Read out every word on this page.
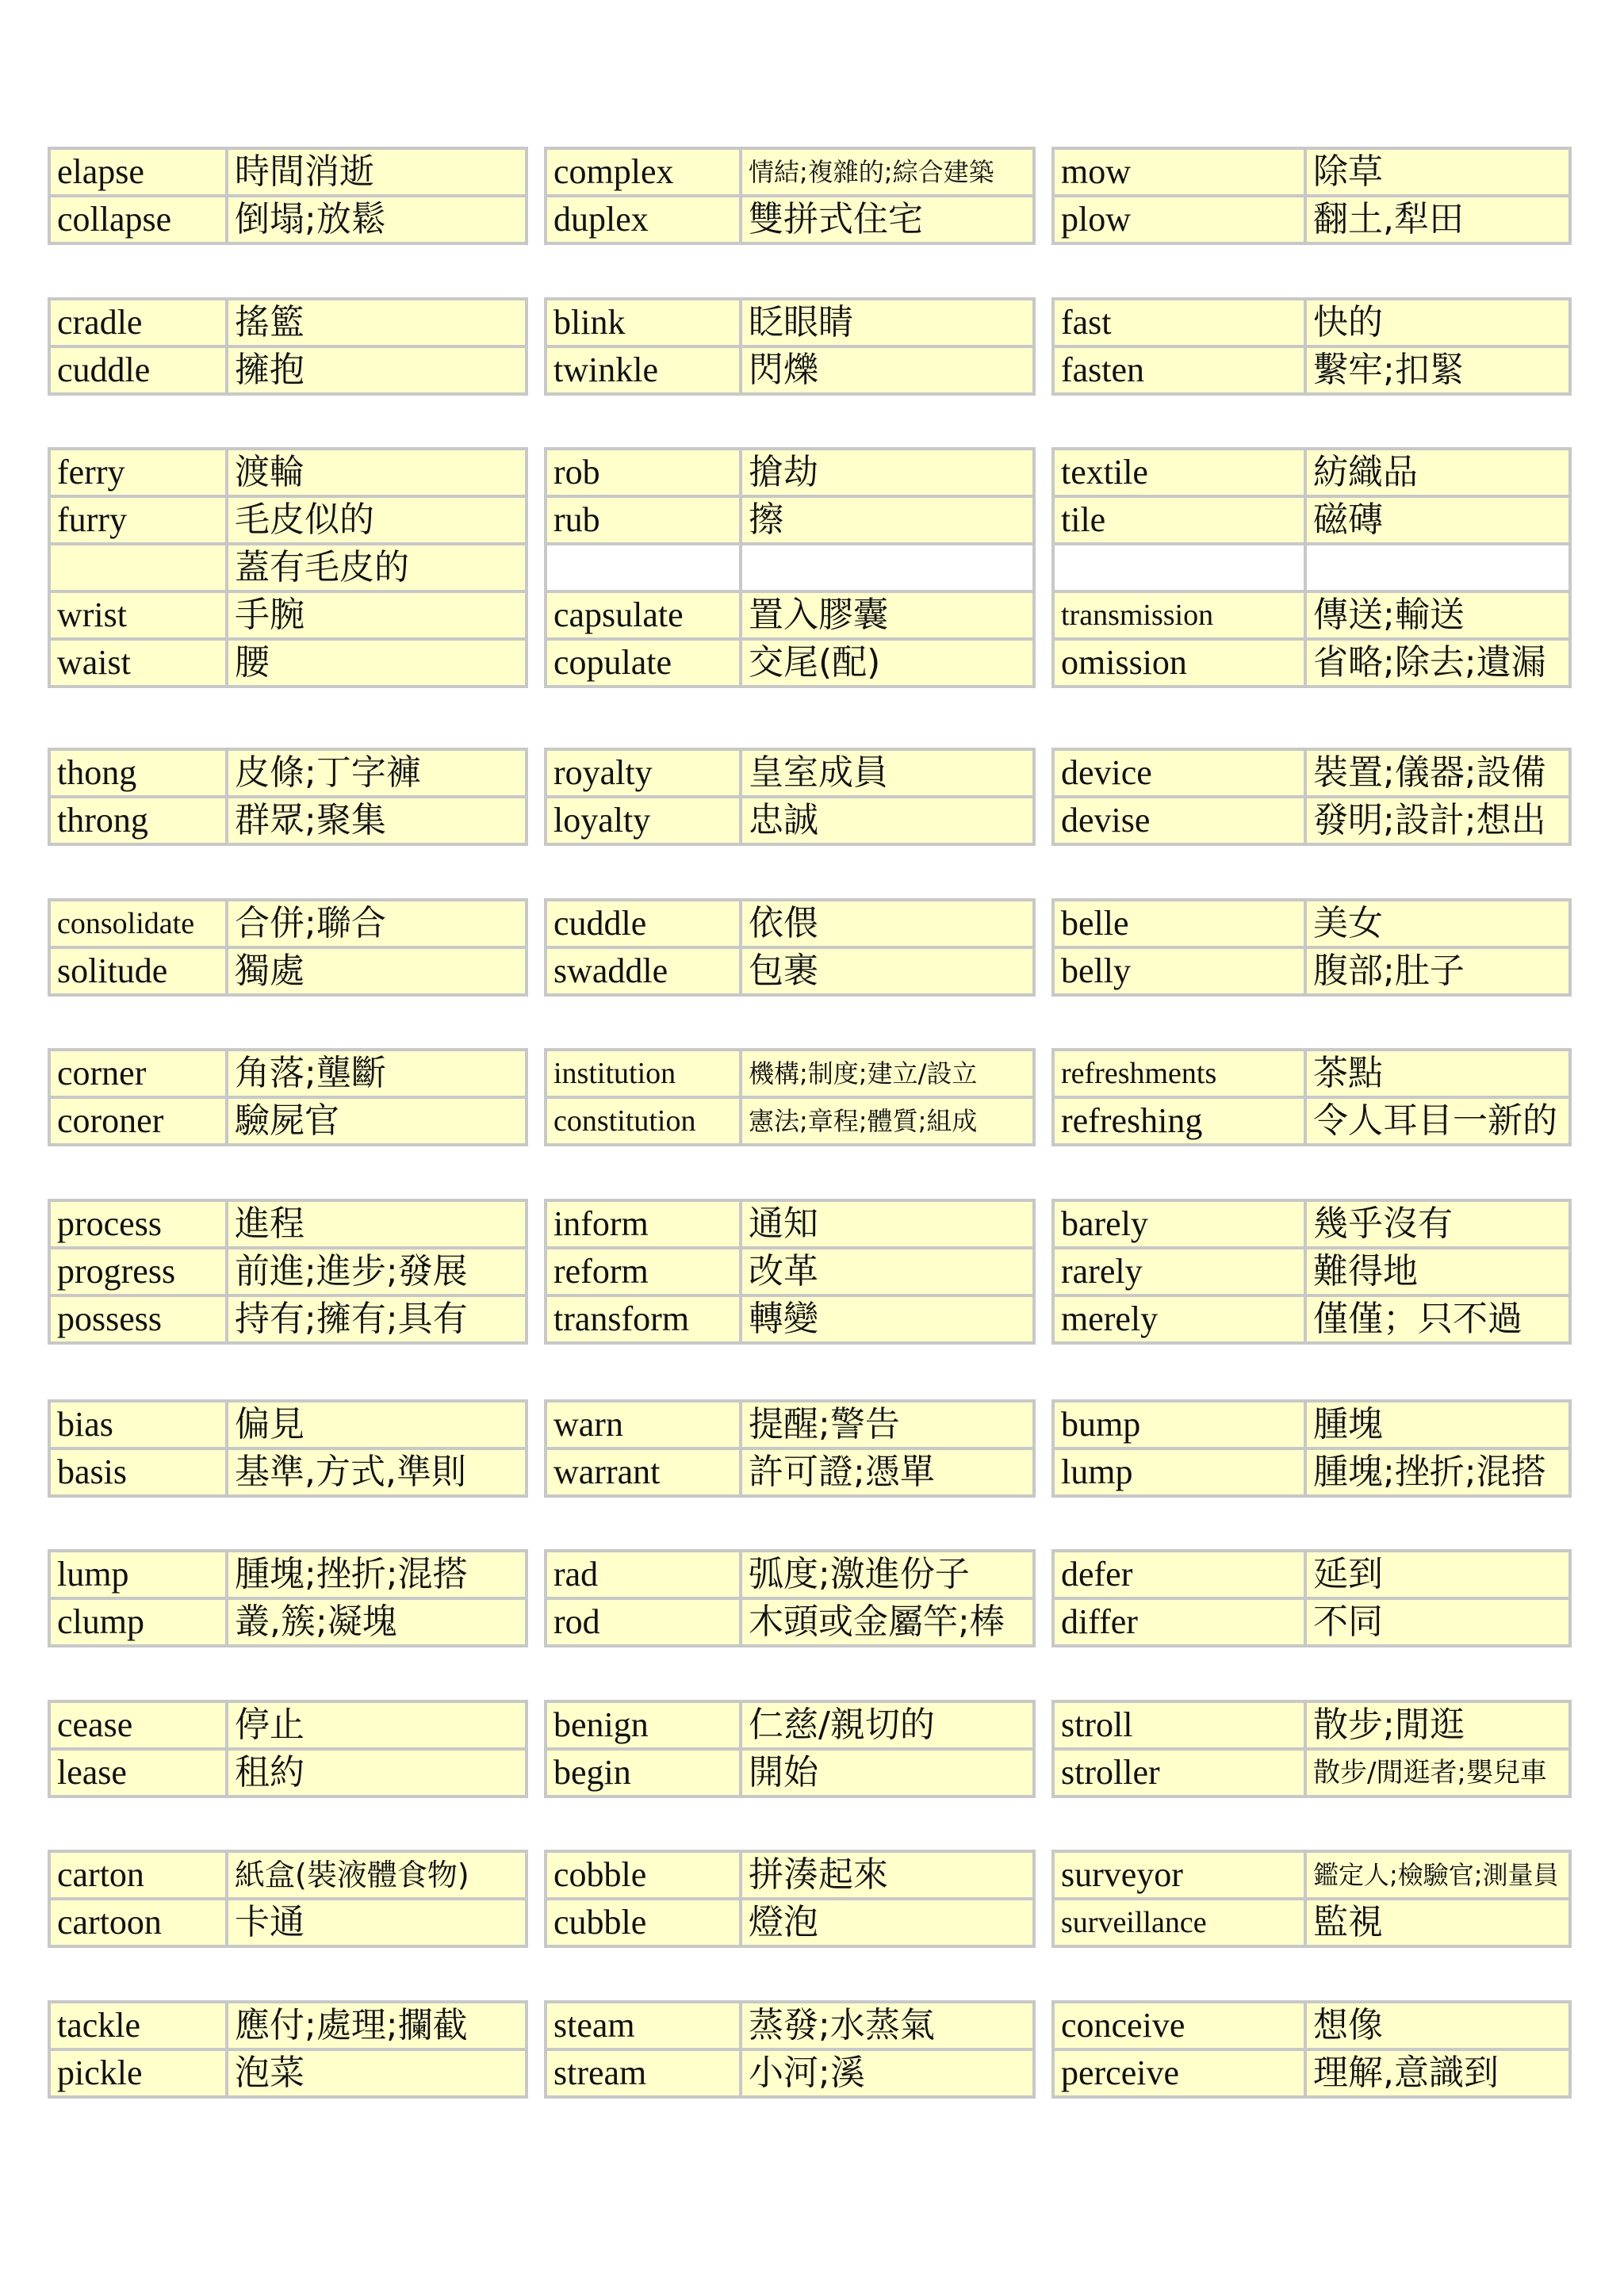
elapse	時間消逝
collapse	倒塌;放鬆
complex	情結;複雜的;綜合建築
duplex	雙拼式住宅
mow	除草
plow	翻土,犁田
cradle	搖籃
cuddle	擁抱
blink	眨眼睛
twinkle	閃爍
fast	快的
fasten	繫牢;扣緊
ferry	渡輪
furry	毛皮似的
	蓋有毛皮的
wrist	手腕
waist	腰
rob	搶劫
rub	擦

capsulate	置入膠囊
copulate	交尾(配)
textile	紡織品
tile	磁磚

transmission	傳送;輸送
omission	省略;除去;遺漏
thong	皮條;丁字褲
throng	群眾;聚集
royalty	皇室成員
loyalty	忠誠
device	裝置;儀器;設備
devise	發明;設計;想出
consolidate	合併;聯合
solitude	獨處
cuddle	依偎
swaddle	包裹
belle	美女
belly	腹部;肚子
corner	角落;壟斷
coroner	驗屍官
institution	機構;制度;建立/設立
constitution	憲法;章程;體質;組成
refreshments	茶點
refreshing	令人耳目一新的
process	進程
progress	前進;進步;發展
possess	持有;擁有;具有
inform	通知
reform	改革
transform	轉變
barely	幾乎沒有
rarely	難得地
merely	僅僅；只不過
bias	偏見
basis	基準,方式,準則
warn	提醒;警告
warrant	許可證;憑單
bump	腫塊
lump	腫塊;挫折;混搭
lump	腫塊;挫折;混搭
clump	叢,簇;凝塊
rad	弧度;激進份子
rod	木頭或金屬竿;棒
defer	延到
differ	不同
cease	停止
lease	租約
benign	仁慈/親切的
begin	開始
stroll	散步;閒逛
stroller	散步/閒逛者;嬰兒車
carton	紙盒(裝液體食物)
cartoon	卡通
cobble	拼湊起來
cubble	燈泡
surveyor	鑑定人;檢驗官;測量員
surveillance	監視
tackle	應付;處理;攔截
pickle	泡菜
steam	蒸發;水蒸氣
stream	小河;溪
conceive	想像
perceive	理解,意識到
